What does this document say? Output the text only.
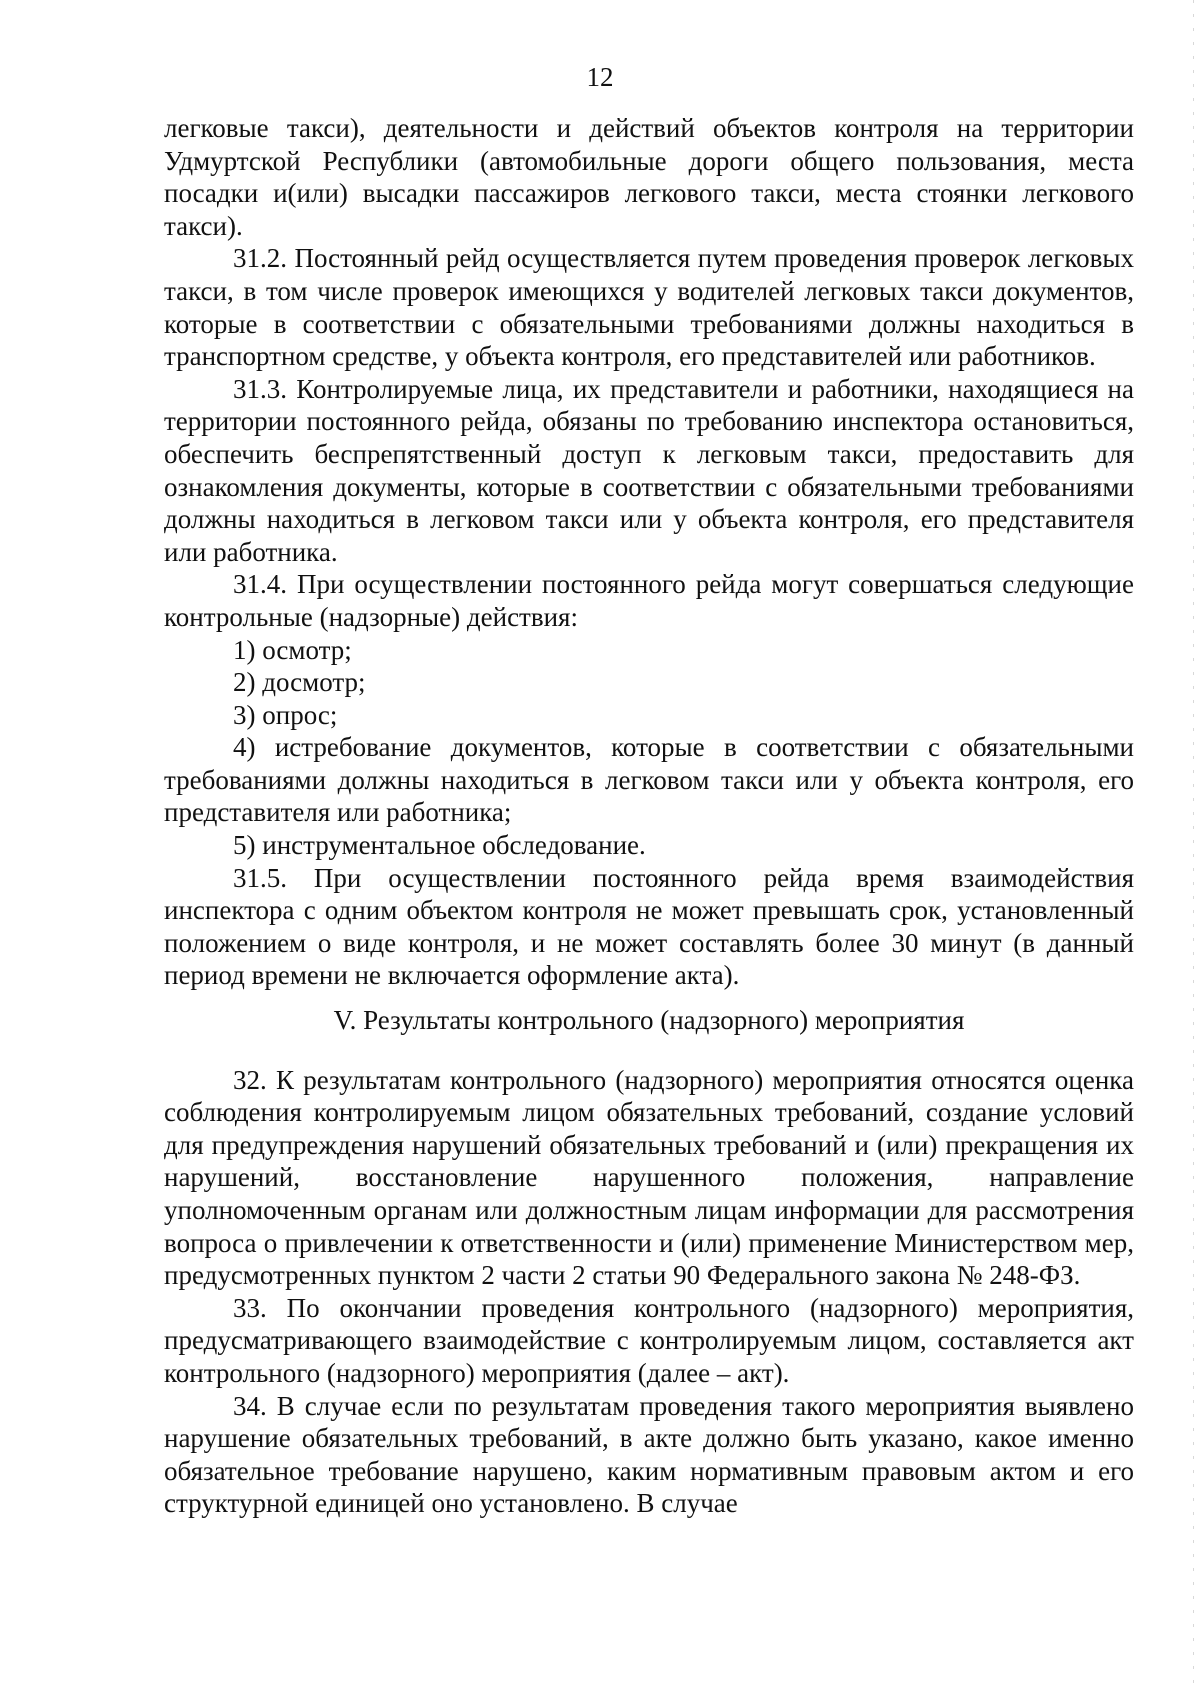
12

легковые такси), деятельности и действий объектов контроля на территории Удмуртской Республики (автомобильные дороги общего пользования, места посадки и(или) высадки пассажиров легкового такси, места стоянки легкового такси).

31.2. Постоянный рейд осуществляется путем проведения проверок легковых такси, в том числе проверок имеющихся у водителей легковых такси документов, которые в соответствии с обязательными требованиями должны находиться в транспортном средстве, у объекта контроля, его представителей или работников.

31.3. Контролируемые лица, их представители и работники, находящиеся на территории постоянного рейда, обязаны по требованию инспектора остановиться, обеспечить беспрепятственный доступ к легковым такси, предоставить для ознакомления документы, которые в соответствии с обязательными требованиями должны находиться в легковом такси или у объекта контроля, его представителя или работника.

31.4. При осуществлении постоянного рейда могут совершаться следующие контрольные (надзорные) действия:

1) осмотр;

2) досмотр;

3) опрос;

4) истребование документов, которые в соответствии с обязательными требованиями должны находиться в легковом такси или у объекта контроля, его представителя или работника;

5) инструментальное обследование.

31.5. При осуществлении постоянного рейда время взаимодействия инспектора с одним объектом контроля не может превышать срок, установленный положением о виде контроля, и не может составлять более 30 минут (в данный период времени не включается оформление акта).

V. Результаты контрольного (надзорного) мероприятия

32. К результатам контрольного (надзорного) мероприятия относятся оценка соблюдения контролируемым лицом обязательных требований, создание условий для предупреждения нарушений обязательных требований и (или) прекращения их нарушений, восстановление нарушенного положения, направление уполномоченным органам или должностным лицам информации для рассмотрения вопроса о привлечении к ответственности и (или) применение Министерством мер, предусмотренных пунктом 2 части 2 статьи 90 Федерального закона № 248-ФЗ.

33. По окончании проведения контрольного (надзорного) мероприятия, предусматривающего взаимодействие с контролируемым лицом, составляется акт контрольного (надзорного) мероприятия (далее – акт).

34. В случае если по результатам проведения такого мероприятия выявлено нарушение обязательных требований, в акте должно быть указано, какое именно обязательное требование нарушено, каким нормативным правовым актом и его структурной единицей оно установлено. В случае
